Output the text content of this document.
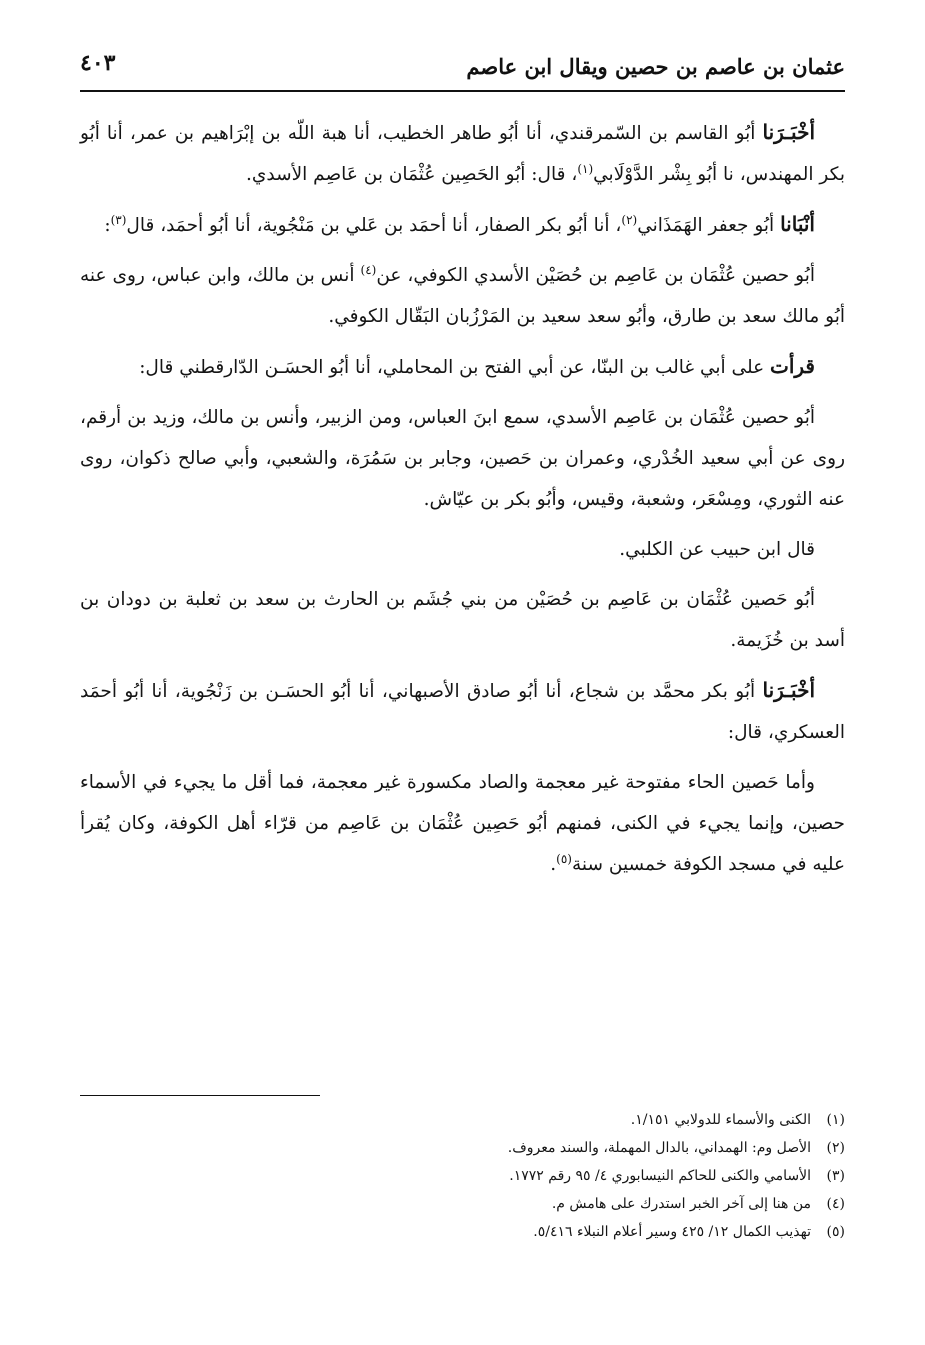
عثمان بن عاصم بن حصين ويقال ابن عاصم
٤٠٣

أخْبَـرَنا أبُو القاسم بن السّمرقندي، أنا أبُو طاهر الخطيب، أنا هبة اللّه بن إبْرَاهيم بن عمر، أنا أبُو بكر المهندس، نا أبُو بِشْر الدَّوْلَابي$^{(١)}$، قال: أبُو الحَصِين عُثْمَان بن عَاصِم الأسدي.

أنْبَانا أبُو جعفر الهَمَذَاني$^{(٢)}$، أنا أبُو بكر الصفار، أنا أحمَد بن عَلي بن مَنْجُوية، أنا أبُو أحمَد، قال$^{(٣)}$:

أبُو حصين عُثْمَان بن عَاصِم بن حُصَيْن الأسدي الكوفي، عن$^{(٤)}$ أنس بن مالك، وابن عباس، روى عنه أبُو مالك سعد بن طارق، وأبُو سعد سعيد بن المَرْزُبان البَقّال الكوفي.

قرأت على أبي غالب بن البنّا، عن أبي الفتح بن المحاملي، أنا أبُو الحسَـن الدّارقطني قال:

أبُو حصين عُثْمَان بن عَاصِم الأسدي، سمع ابنَ العباس، ومن الزبير، وأنس بن مالك، وزيد بن أرقم، روى عن أبي سعيد الخُدْري، وعمران بن حَصين، وجابر بن سَمُرَة، والشعبي، وأبي صالح ذكوان، روى عنه الثوري، ومِسْعَر، وشعبة، وقيس، وأبُو بكر بن عيّاش.

قال ابن حبيب عن الكلبي.

أبُو حَصين عُثْمَان بن عَاصِم بن حُصَيْن من بني جُشَم بن الحارث بن سعد بن ثعلبة بن دودان بن أسد بن خُزَيمة.

أخْبَـرَنا أبُو بكر محمَّد بن شجاع، أنا أبُو صادق الأصبهاني، أنا أبُو الحسَـن بن زَنْجُوية، أنا أبُو أحمَد العسكري، قال:

وأما حَصين الحاء مفتوحة غير معجمة والصاد مكسورة غير معجمة، فما أقل ما يجيء في الأسماء حصين، وإنما يجيء في الكنى، فمنهم أبُو حَصِين عُثْمَان بن عَاصِم من قرّاء أهل الكوفة، وكان يُقرأ عليه في مسجد الكوفة خمسين سنة$^{(٥)}$.

(١)الكنى والأسماء للدولابي ١/١٥١.
(٢)الأصل وم: الهمداني، بالدال المهملة، والسند معروف.
(٣)الأسامي والكنى للحاكم النيسابوري ٤/ ٩٥ رقم ١٧٧٢.
(٤)من هنا إلى آخر الخبر استدرك على هامش م.
(٥)تهذيب الكمال ١٢/ ٤٢٥ وسير أعلام النبلاء ٥/٤١٦.
